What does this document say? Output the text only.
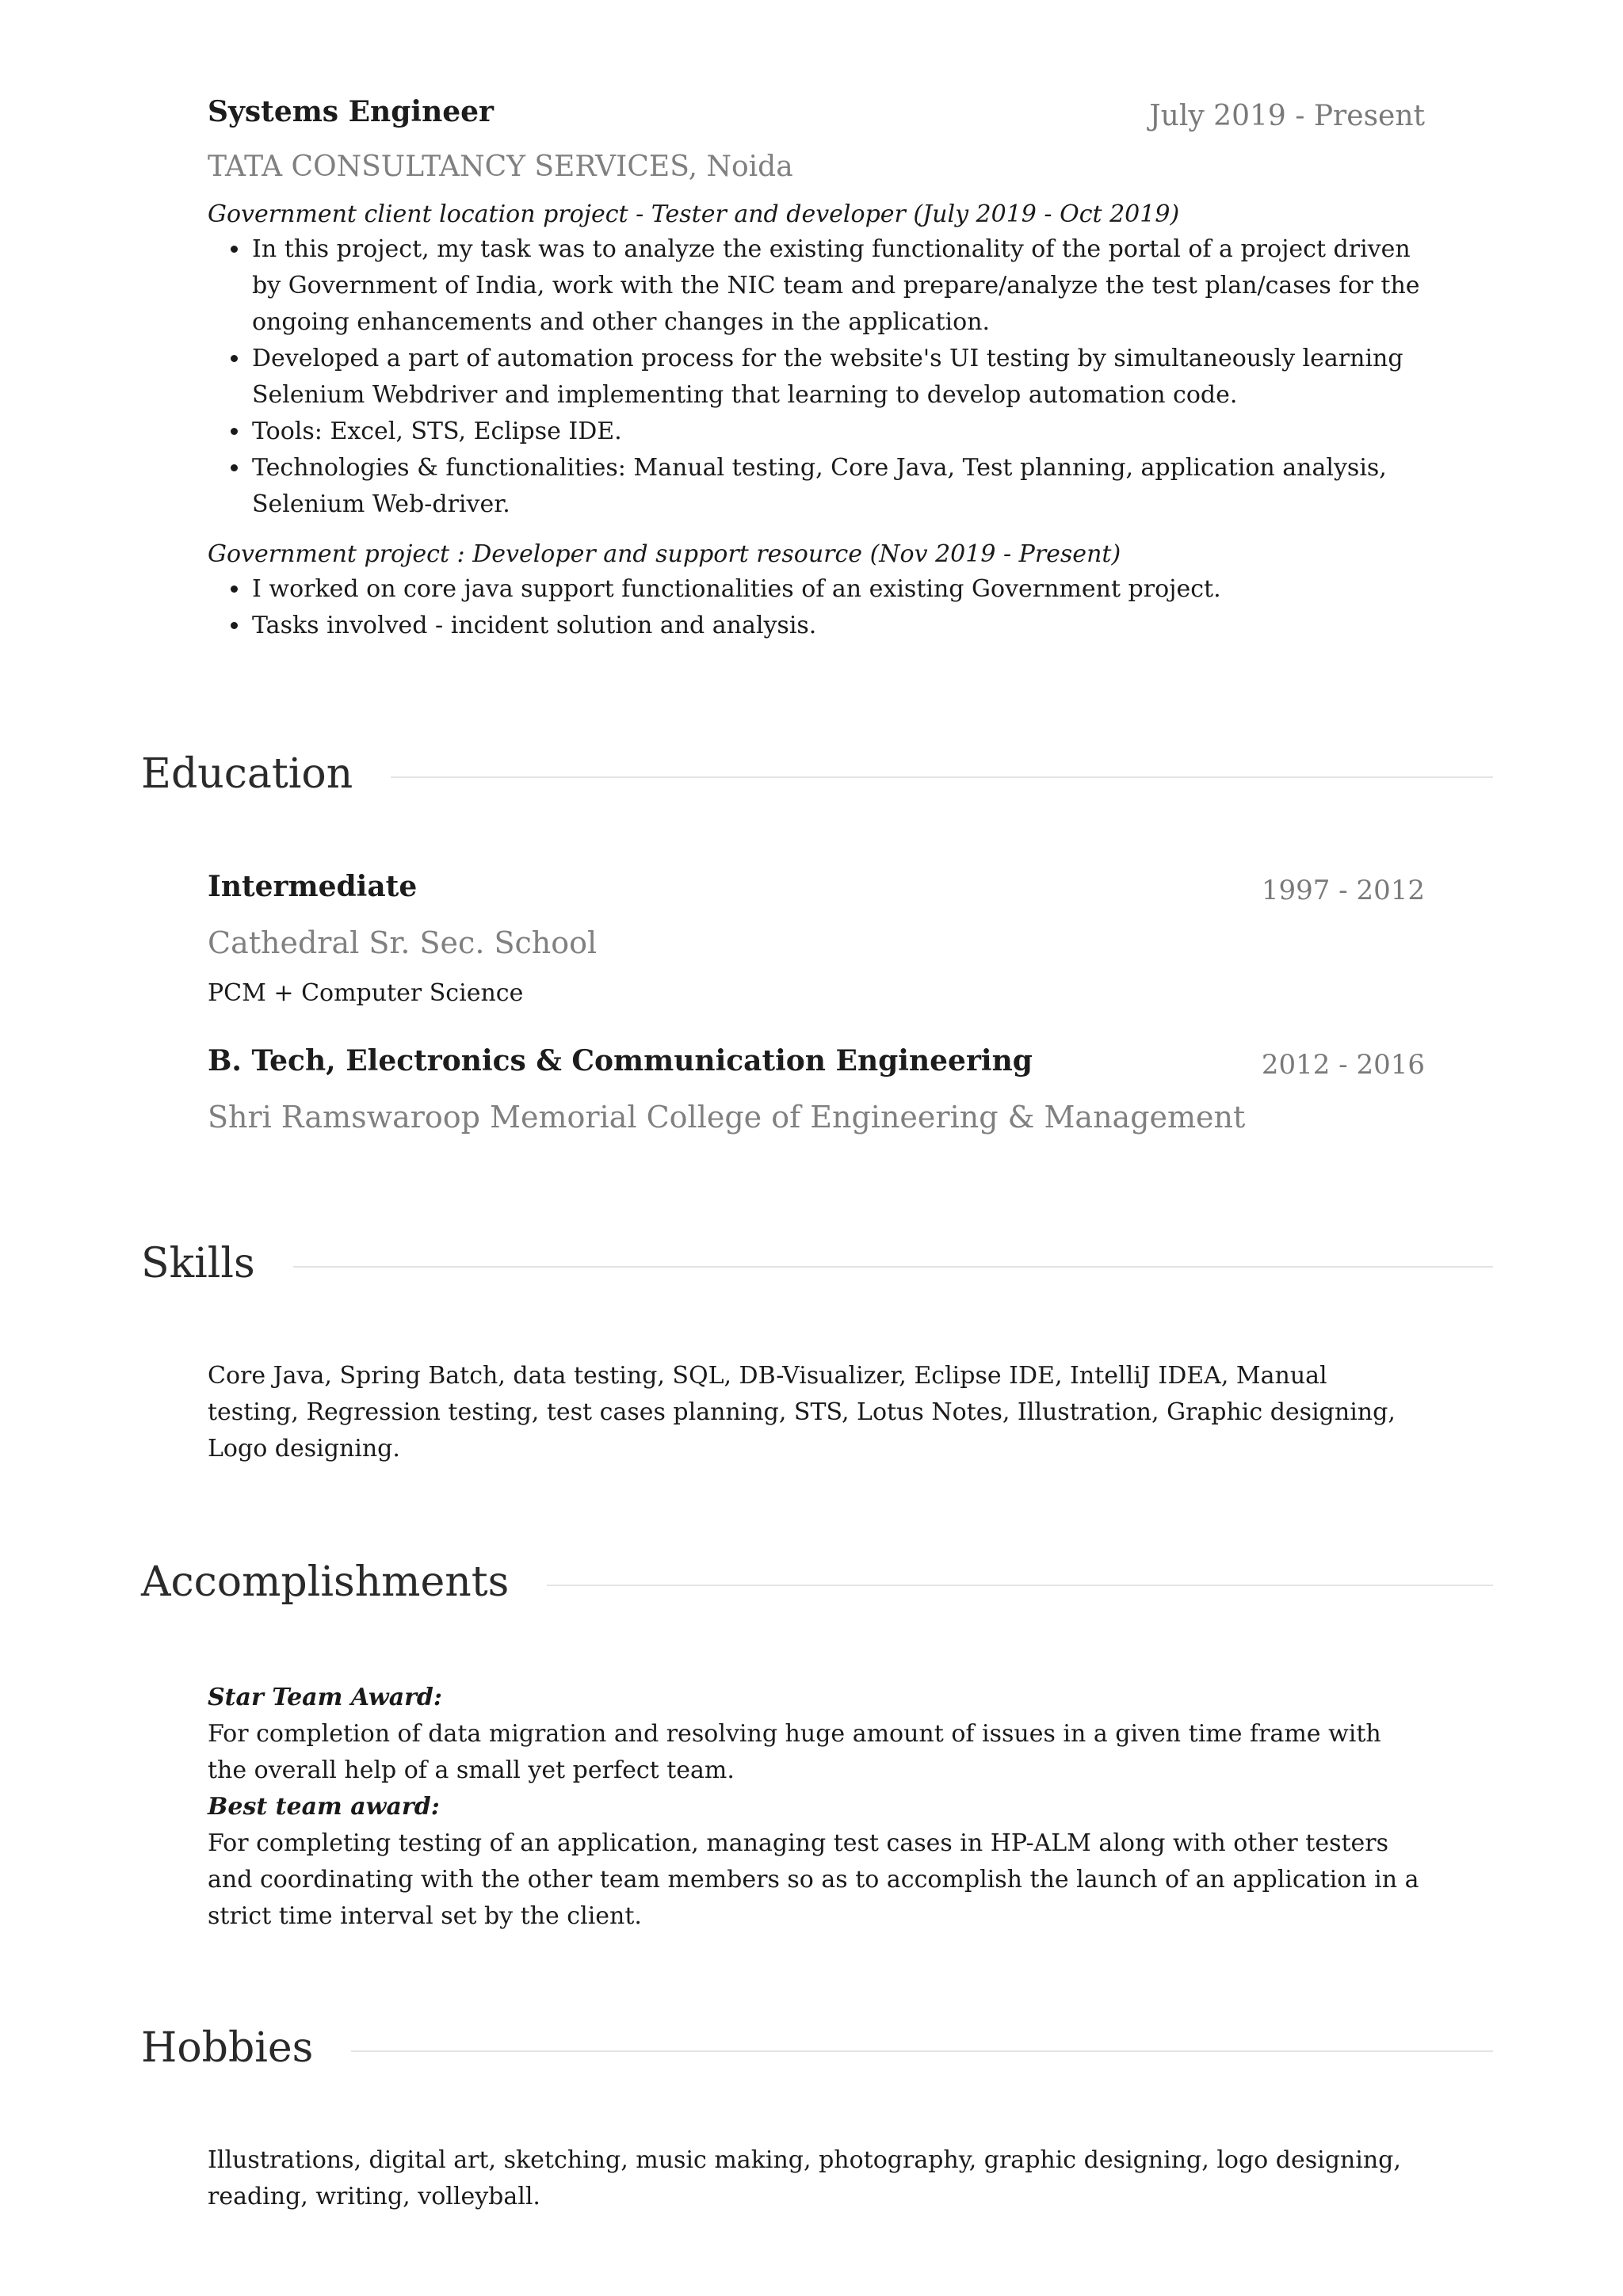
Systems Engineer	July 2019 - Present
TATA CONSULTANCY SERVICES, Noida
Government client location project - Tester and developer (July 2019 - Oct 2019)
• In this project, my task was to analyze the existing functionality of the portal of a project driven by Government of India, work with the NIC team and prepare/analyze the test plan/cases for the ongoing enhancements and other changes in the application.
• Developed a part of automation process for the website's UI testing by simultaneously learning Selenium Webdriver and implementing that learning to develop automation code.
• Tools: Excel, STS, Eclipse IDE.
• Technologies & functionalities: Manual testing, Core Java, Test planning, application analysis, Selenium Web-driver.
Government project : Developer and support resource (Nov 2019 - Present)
• I worked on core java support functionalities of an existing Government project.
• Tasks involved - incident solution and analysis.
Education
Intermediate	1997 - 2012
Cathedral Sr. Sec. School
PCM + Computer Science
B. Tech, Electronics & Communication Engineering	2012 - 2016
Shri Ramswaroop Memorial College of Engineering & Management
Skills
Core Java, Spring Batch, data testing, SQL, DB-Visualizer, Eclipse IDE, IntelliJ IDEA, Manual testing, Regression testing, test cases planning, STS, Lotus Notes, Illustration, Graphic designing, Logo designing.
Accomplishments
Star Team Award:
For completion of data migration and resolving huge amount of issues in a given time frame with the overall help of a small yet perfect team.
Best team award:
For completing testing of an application, managing test cases in HP-ALM along with other testers and coordinating with the other team members so as to accomplish the launch of an application in a strict time interval set by the client.
Hobbies
Illustrations, digital art, sketching, music making, photography, graphic designing, logo designing, reading, writing, volleyball.
